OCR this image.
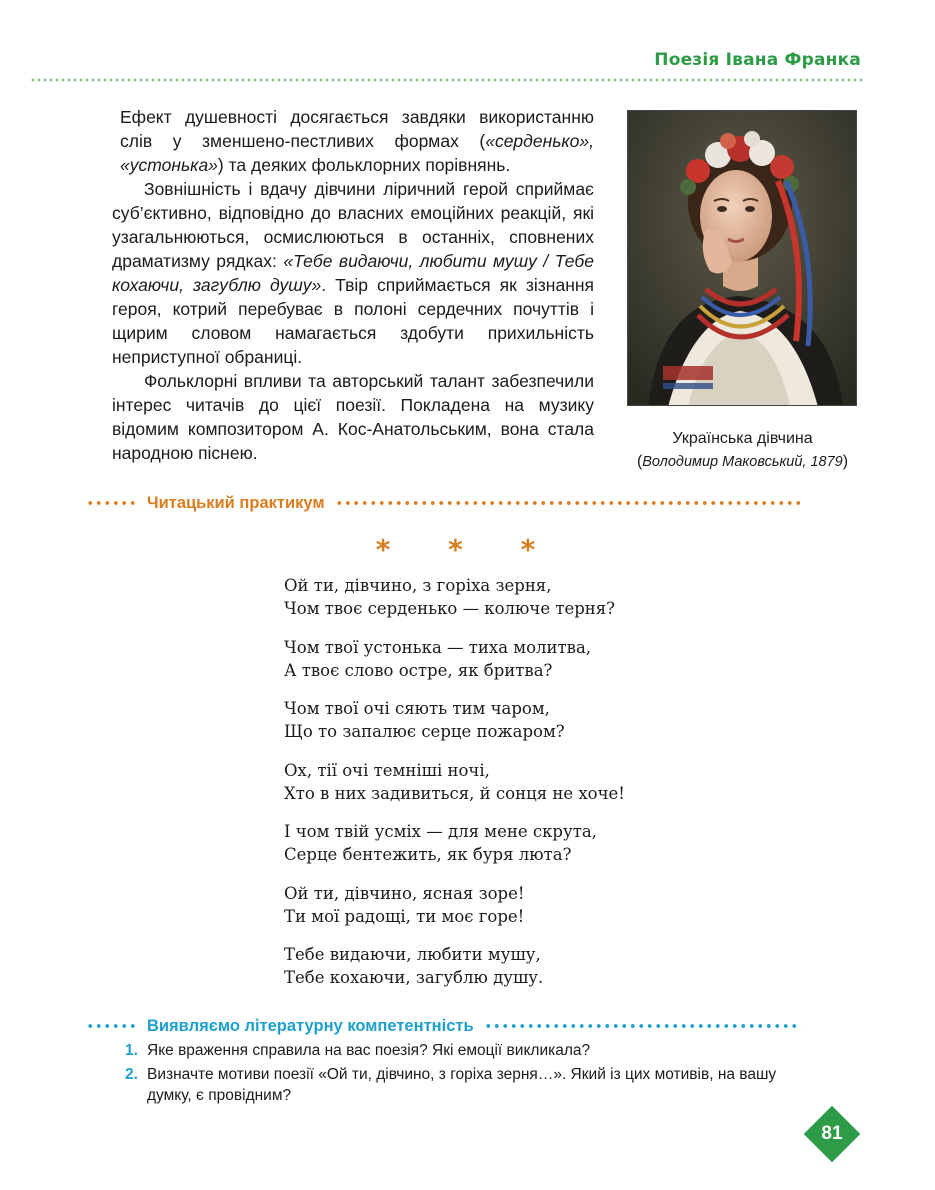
Поезія Івана Франка

Ефект душевності досягається завдяки використанню слів у зменшено-пестливих формах («серденько», «устонька») та деяких фольклорних порівнянь.

Зовнішність і вдачу дівчини ліричний герой сприймає суб’єктивно, відповідно до власних емоційних реакцій, які узагальнюються, осмислюються в останніх, сповнених драматизму рядках: «Тебе видаючи, любити мушу / Тебе кохаючи, загублю душу». Твір сприймається як зізнання героя, котрий перебуває в полоні сердечних почуттів і щирим словом намагається здобути прихильність неприступної обраниці.

Фольклорні впливи та авторський талант забезпечили інтерес читачів до цієї поезії. Покладена на музику відомим композитором А. Кос-Анатольським, вона стала народною піснею.

Українська дівчина
(Володимир Маковський, 1879)
Читацький практикум
* * *
Ой ти, дівчино, з горіха зерня,
Чом твоє серденько — колюче терня?
Чом твої устонька — тиха молитва,
А твоє слово остре, як бритва?
Чом твої очі сяють тим чаром,
Що то запалює серце пожаром?
Ох, тії очі темніші ночі,
Хто в них задивиться, й сонця не хоче!
І чом твій усміх — для мене скрута,
Серце бентежить, як буря люта?
Ой ти, дівчино, ясная зоре!
Ти мої радощі, ти моє горе!
Тебе видаючи, любити мушу,
Тебе кохаючи, загублю душу.
Виявляємо літературну компетентність
1. Яке враження справила на вас поезія? Які емоції викликала?
2. Визначте мотиви поезії «Ой ти, дівчино, з горіха зерня…». Який із цих мотивів, на вашу думку, є провідним?
81
